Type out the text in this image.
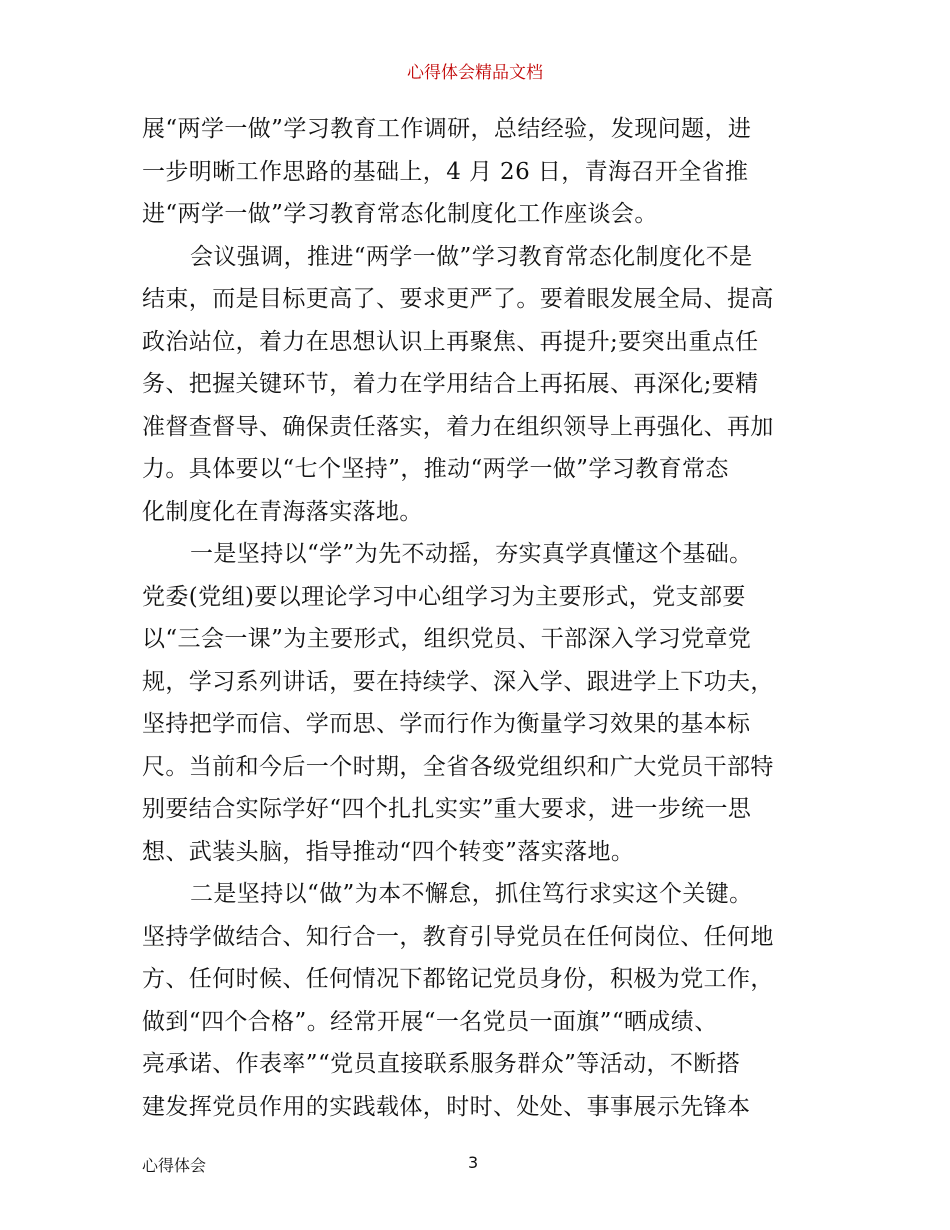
心得体会精品文档
展“两学一做”学习教育工作调研，总结经验，发现问题，进
一步明晰工作思路的基础上，4 月 26 日，青海召开全省推
进“两学一做”学习教育常态化制度化工作座谈会。
会议强调，推进“两学一做”学习教育常态化制度化不是
结束，而是目标更高了、要求更严了。要着眼发展全局、提高
政治站位，着力在思想认识上再聚焦、再提升;要突出重点任
务、把握关键环节，着力在学用结合上再拓展、再深化;要精
准督查督导、确保责任落实，着力在组织领导上再强化、再加
力。具体要以“七个坚持”，推动“两学一做”学习教育常态
化制度化在青海落实落地。
一是坚持以“学”为先不动摇，夯实真学真懂这个基础。
党委(党组)要以理论学习中心组学习为主要形式，党支部要
以“三会一课”为主要形式，组织党员、干部深入学习党章党
规，学习系列讲话，要在持续学、深入学、跟进学上下功夫，
坚持把学而信、学而思、学而行作为衡量学习效果的基本标
尺。当前和今后一个时期，全省各级党组织和广大党员干部特
别要结合实际学好“四个扎扎实实”重大要求，进一步统一思
想、武装头脑，指导推动“四个转变”落实落地。
二是坚持以“做”为本不懈怠，抓住笃行求实这个关键。
坚持学做结合、知行合一，教育引导党员在任何岗位、任何地
方、任何时候、任何情况下都铭记党员身份，积极为党工作，
做到“四个合格”。经常开展“一名党员一面旗”“晒成绩、
亮承诺、作表率”“党员直接联系服务群众”等活动，不断搭
建发挥党员作用的实践载体，时时、处处、事事展示先锋本
心得体会	3
